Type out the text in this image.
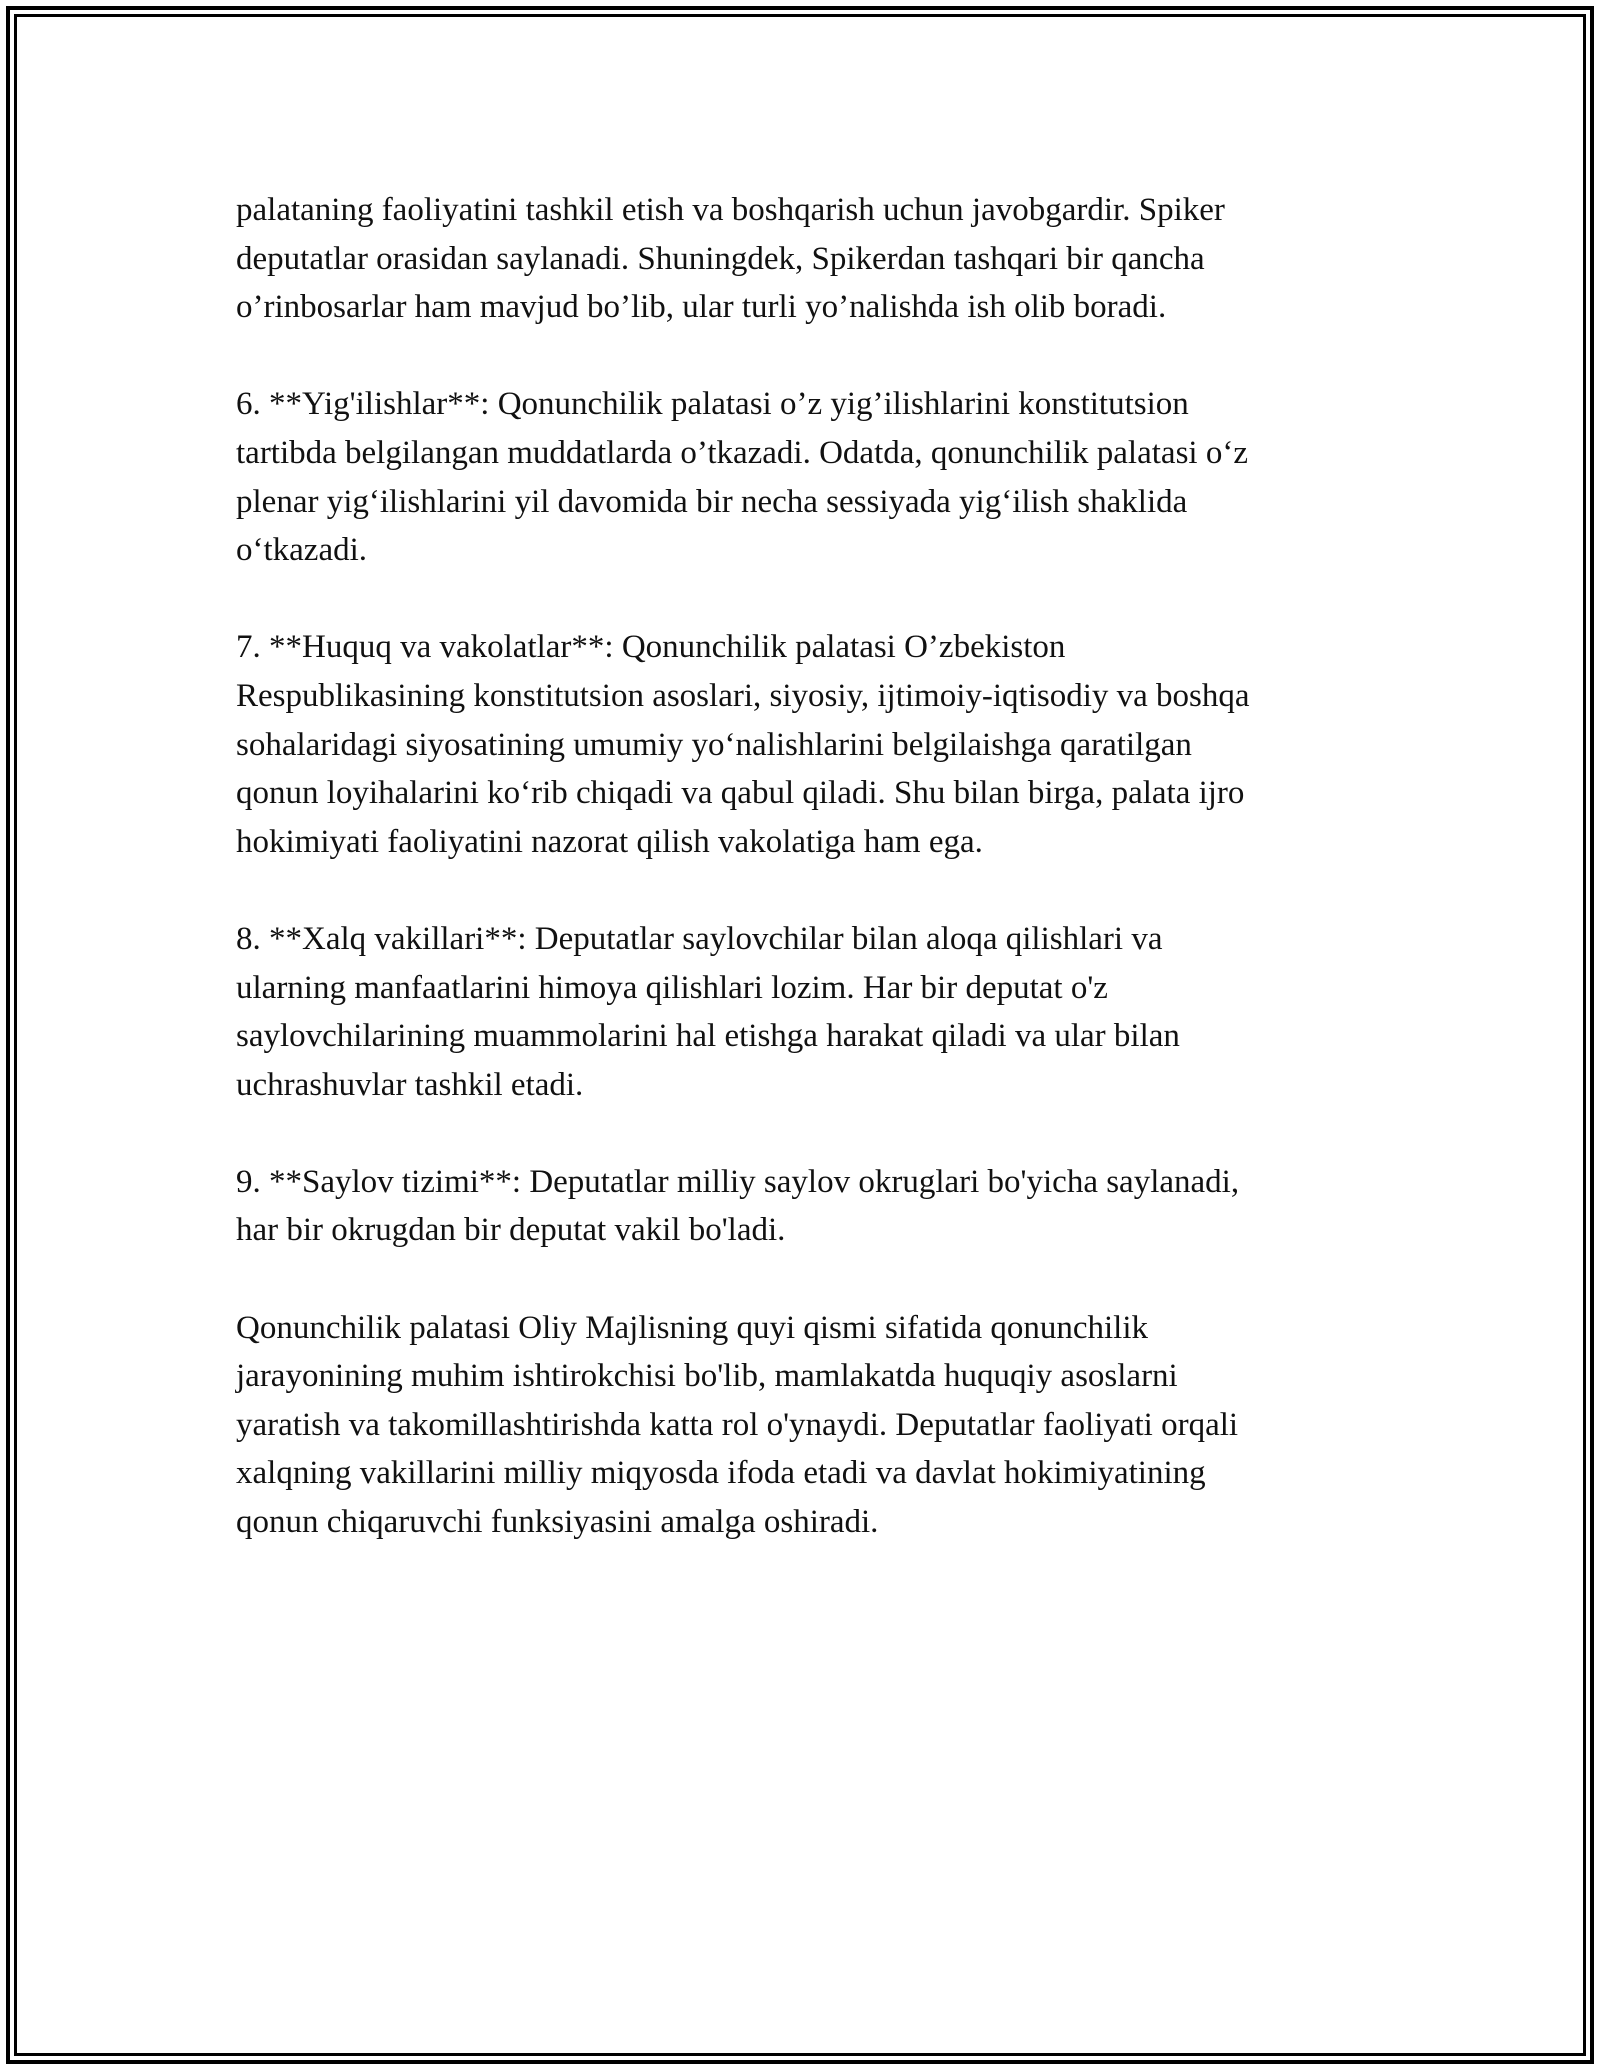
palataning faoliyatini tashkil etish va boshqarish uchun javobgardir. Spiker
deputatlar orasidan saylanadi. Shuningdek, Spikerdan tashqari bir qancha
o’rinbosarlar ham mavjud bo’lib, ular turli yo’nalishda ish olib boradi.

6. **Yig'ilishlar**: Qonunchilik palatasi o’z yig’ilishlarini konstitutsion
tartibda belgilangan muddatlarda o’tkazadi. Odatda, qonunchilik palatasi o‘z
plenar yig‘ilishlarini yil davomida bir necha sessiyada yig‘ilish shaklida
o‘tkazadi.

7. **Huquq va vakolatlar**: Qonunchilik palatasi O’zbekiston
Respublikasining konstitutsion asoslari, siyosiy, ijtimoiy-iqtisodiy va boshqa
sohalaridagi siyosatining umumiy yo‘nalishlarini belgilaishga qaratilgan
qonun loyihalarini ko‘rib chiqadi va qabul qiladi. Shu bilan birga, palata ijro
hokimiyati faoliyatini nazorat qilish vakolatiga ham ega.

8. **Xalq vakillari**: Deputatlar saylovchilar bilan aloqa qilishlari va
ularning manfaatlarini himoya qilishlari lozim. Har bir deputat o'z
saylovchilarining muammolarini hal etishga harakat qiladi va ular bilan
uchrashuvlar tashkil etadi.

9. **Saylov tizimi**: Deputatlar milliy saylov okruglari bo'yicha saylanadi,
har bir okrugdan bir deputat vakil bo'ladi.

Qonunchilik palatasi Oliy Majlisning quyi qismi sifatida qonunchilik
jarayonining muhim ishtirokchisi bo'lib, mamlakatda huquqiy asoslarni
yaratish va takomillashtirishda katta rol o'ynaydi. Deputatlar faoliyati orqali
xalqning vakillarini milliy miqyosda ifoda etadi va davlat hokimiyatining
qonun chiqaruvchi funksiyasini amalga oshiradi.
